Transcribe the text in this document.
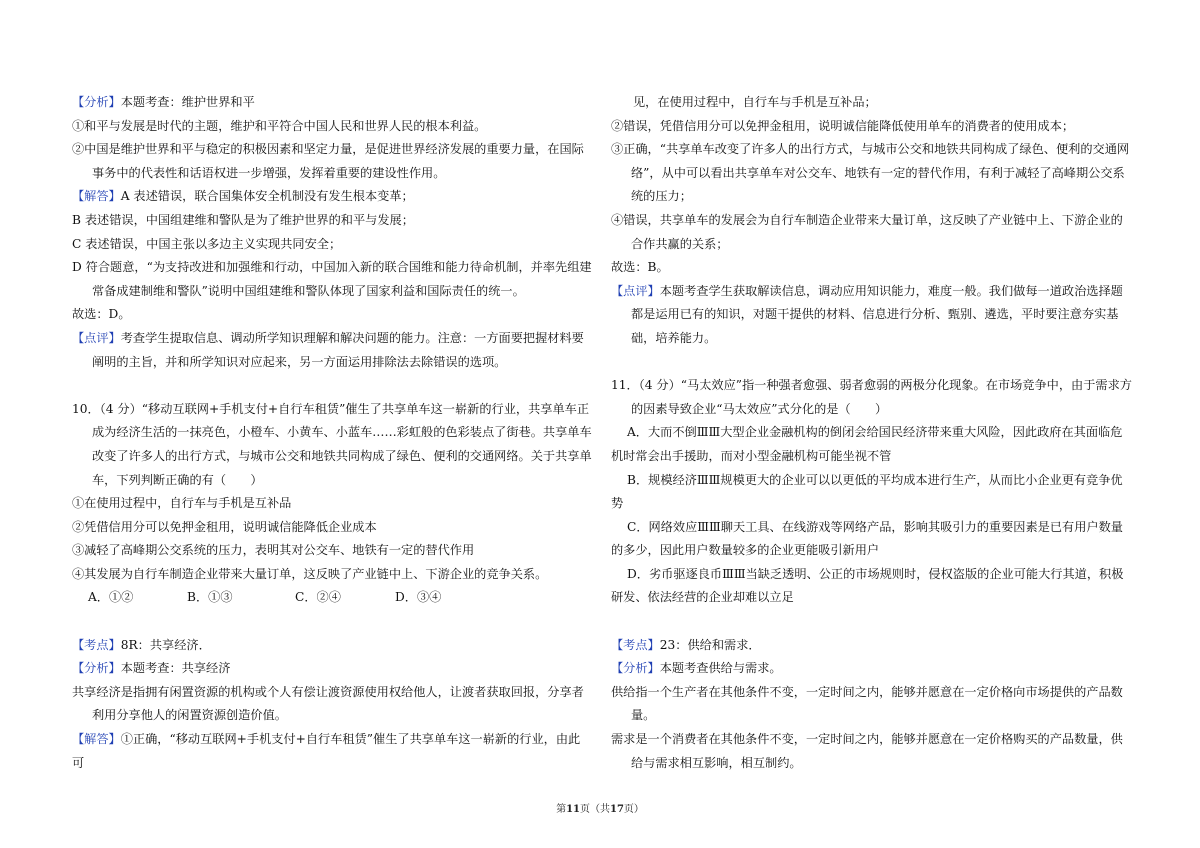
【分析】本题考查：维护世界和平

①和平与发展是时代的主题，维护和平符合中国人民和世界人民的根本利益。

②中国是维护世界和平与稳定的积极因素和坚定力量，是促进世界经济发展的重要力量，在国际事务中的代表性和话语权进一步增强，发挥着重要的建设性作用。

【解答】A 表述错误，联合国集体安全机制没有发生根本变革；

B 表述错误，中国组建维和警队是为了维护世界的和平与发展；

C 表述错误，中国主张以多边主义实现共同安全；

D 符合题意，“为支持改进和加强维和行动，中国加入新的联合国维和能力待命机制，并率先组建常备成建制维和警队”说明中国组建维和警队体现了国家利益和国际责任的统一。

故选：D。

【点评】考查学生提取信息、调动所学知识理解和解决问题的能力。注意：一方面要把握材料要阐明的主旨，并和所学知识对应起来，另一方面运用排除法去除错误的选项。

10．（4 分）“移动互联网+手机支付+自行车租赁”催生了共享单车这一崭新的行业，共享单车正成为经济生活的一抹亮色，小橙车、小黄车、小蓝车……彩虹般的色彩装点了街巷。共享单车改变了许多人的出行方式，与城市公交和地铁共同构成了绿色、便利的交通网络。关于共享单车，下列判断正确的有（　　）

①在使用过程中，自行车与手机是互补品

②凭借信用分可以免押金租用，说明诚信能降低企业成本

③减轻了高峰期公交系统的压力，表明其对公交车、地铁有一定的替代作用

④其发展为自行车制造企业带来大量订单，这反映了产业链中上、下游企业的竞争关系。

A．①②	B．①③	C．②④	D．③④

【考点】8R：共享经济．

【分析】本题考查：共享经济

共享经济是指拥有闲置资源的机构或个人有偿让渡资源使用权给他人，让渡者获取回报，分享者利用分享他人的闲置资源创造价值。

【解答】①正确，“移动互联网+手机支付+自行车租赁”催生了共享单车这一崭新的行业，由此可

见，在使用过程中，自行车与手机是互补品；

②错误，凭借信用分可以免押金租用，说明诚信能降低使用单车的消费者的使用成本；

③正确，“共享单车改变了许多人的出行方式，与城市公交和地铁共同构成了绿色、便利的交通网络”，从中可以看出共享单车对公交车、地铁有一定的替代作用，有利于减轻了高峰期公交系统的压力；

④错误，共享单车的发展会为自行车制造企业带来大量订单，这反映了产业链中上、下游企业的合作共赢的关系；

故选：B。

【点评】本题考查学生获取解读信息，调动应用知识能力，难度一般。我们做每一道政治选择题都是运用已有的知识，对题干提供的材料、信息进行分析、甄别、遴选，平时要注意夯实基础，培养能力。

11．（4 分）“马太效应”指一种强者愈强、弱者愈弱的两极分化现象。在市场竞争中，由于需求方的因素导致企业“马太效应”式分化的是（　　）

A．大而不倒ⅢⅢ大型企业金融机构的倒闭会给国民经济带来重大风险，因此政府在其面临危机时常会出手援助，而对小型金融机构可能坐视不管

B．规模经济ⅢⅢ规模更大的企业可以以更低的平均成本进行生产，从而比小企业更有竞争优势

C．网络效应ⅢⅢ聊天工具、在线游戏等网络产品，影响其吸引力的重要因素是已有用户数量的多少，因此用户数量较多的企业更能吸引新用户

D．劣币驱逐良币ⅢⅢ当缺乏透明、公正的市场规则时，侵权盗版的企业可能大行其道，积极研发、依法经营的企业却难以立足

【考点】23：供给和需求．

【分析】本题考查供给与需求。

供给指一个生产者在其他条件不变，一定时间之内，能够并愿意在一定价格向市场提供的产品数量。

需求是一个消费者在其他条件不变，一定时间之内，能够并愿意在一定价格购买的产品数量，供给与需求相互影响，相互制约。

第11页（共17页）
